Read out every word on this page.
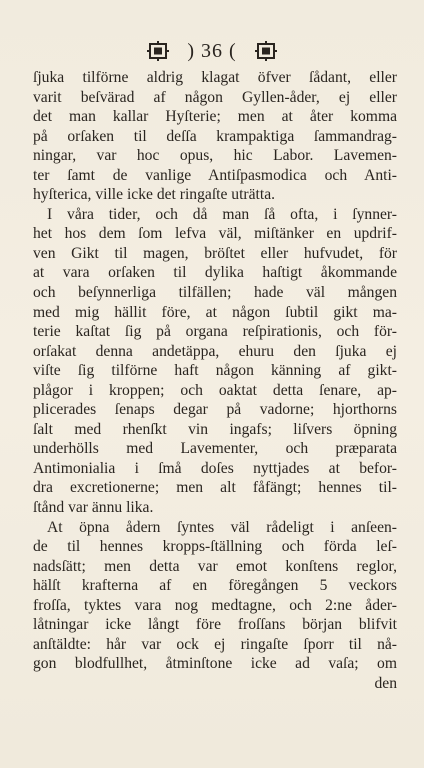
) 36 (
ſjuka tilförne aldrig klagat öfver ſådant, eller
varit beſvärad af någon Gyllen-åder, ej eller
det man kallar Hyſterie; men at åter komma
på orſaken til deſſa krampaktiga ſammandrag-
ningar, var hoc opus, hic Labor. Lavemen-
ter ſamt de vanlige Antiſpasmodica och Anti-
hyſterica, ville icke det ringaſte uträtta.
I våra tider, och då man ſå ofta, i ſynner-
het hos dem ſom lefva väl, miſtänker en updrif-
ven Gikt til magen, bröſtet eller hufvudet, för
at vara orſaken til dylika haſtigt åkommande
och beſynnerliga tilfällen; hade väl mången
med mig hällit före, at någon ſubtil gikt ma-
terie kaſtat ſig på organa reſpirationis, och för-
orſakat denna andetäppa, ehuru den ſjuka ej
viſte ſig tilförne haft någon känning af gikt-
plågor i kroppen; och oaktat detta ſenare, ap-
plicerades ſenaps degar på vadorne; hjorthorns
ſalt med rhenſkt vin ingafs; liſvers öpning
underhölls med Lavementer, och præparata
Antimonialia i ſmå doſes nyttjades at befor-
dra excretionerne; men alt fåfängt; hennes til-
ſtånd var ännu lika.
At öpna ådern ſyntes väl rådeligt i anſeen-
de til hennes kropps-ſtällning och förda leſ-
nadsſätt; men detta var emot konſtens reglor,
hälſt krafterna af en föregången 5 veckors
froſſa, tyktes vara nog medtagne, och 2:ne åder-
låtningar icke långt före froſſans början blifvit
anſtäldte: hår var ock ej ringaſte ſporr til nå-
gon blodfullhet, åtminſtone icke ad vaſa; om
den
